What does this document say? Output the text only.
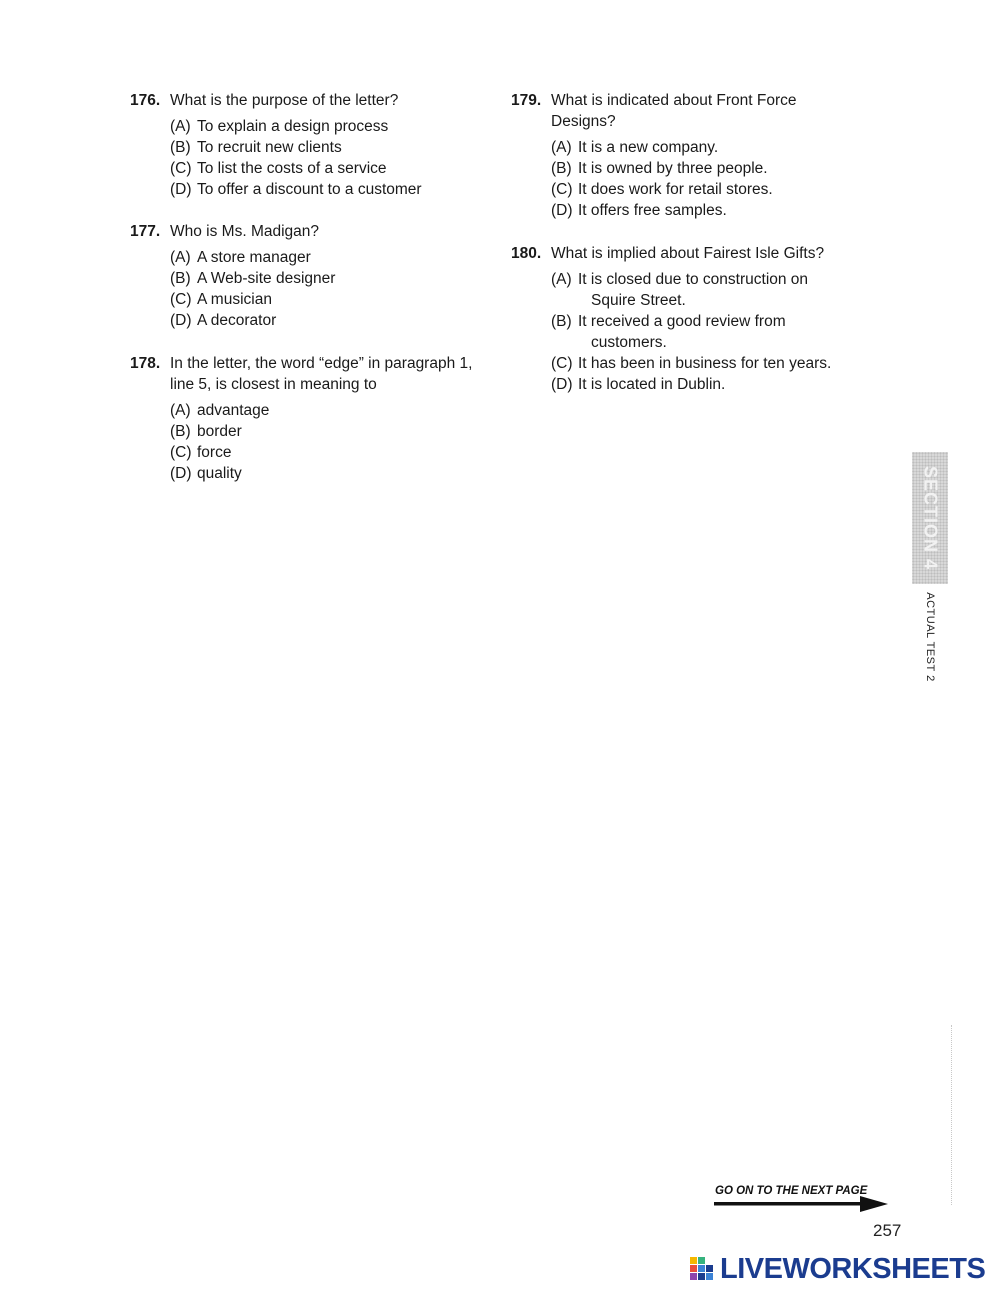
176. What is the purpose of the letter?
(A) To explain a design process
(B) To recruit new clients
(C) To list the costs of a service
(D) To offer a discount to a customer
177. Who is Ms. Madigan?
(A) A store manager
(B) A Web-site designer
(C) A musician
(D) A decorator
178. In the letter, the word “edge” in paragraph 1,
line 5, is closest in meaning to
(A) advantage
(B) border
(C) force
(D) quality
179. What is indicated about Front Force
Designs?
(A) It is a new company.
(B) It is owned by three people.
(C) It does work for retail stores.
(D) It offers free samples.
180. What is implied about Fairest Isle Gifts?
(A) It is closed due to construction on
Squire Street.
(B) It received a good review from
customers.
(C) It has been in business for ten years.
(D) It is located in Dublin.
SECTION 4
ACTUAL TEST 2
GO ON TO THE NEXT PAGE
257
LIVEWORKSHEETS
